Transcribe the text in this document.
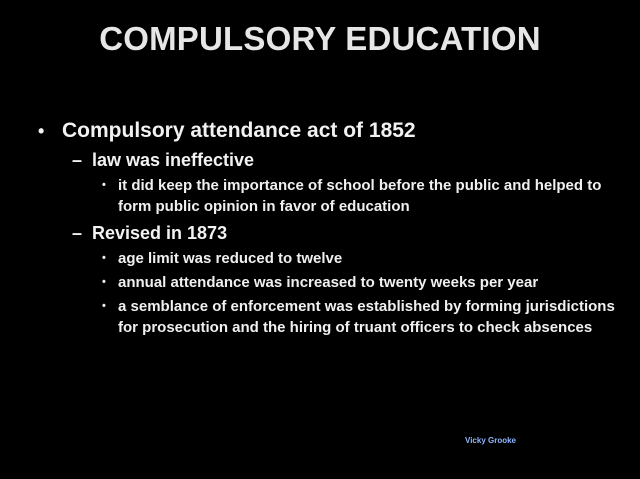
COMPULSORY EDUCATION
• Compulsory attendance act of 1852
– law was ineffective
• it did keep the importance of school before the public and helped to form public opinion in favor of education
– Revised in 1873
• age limit was reduced to twelve
• annual attendance was increased to twenty weeks per year
• a semblance of enforcement was established by forming jurisdictions for prosecution and the hiring of truant officers to check absences
Vicky Grooke
